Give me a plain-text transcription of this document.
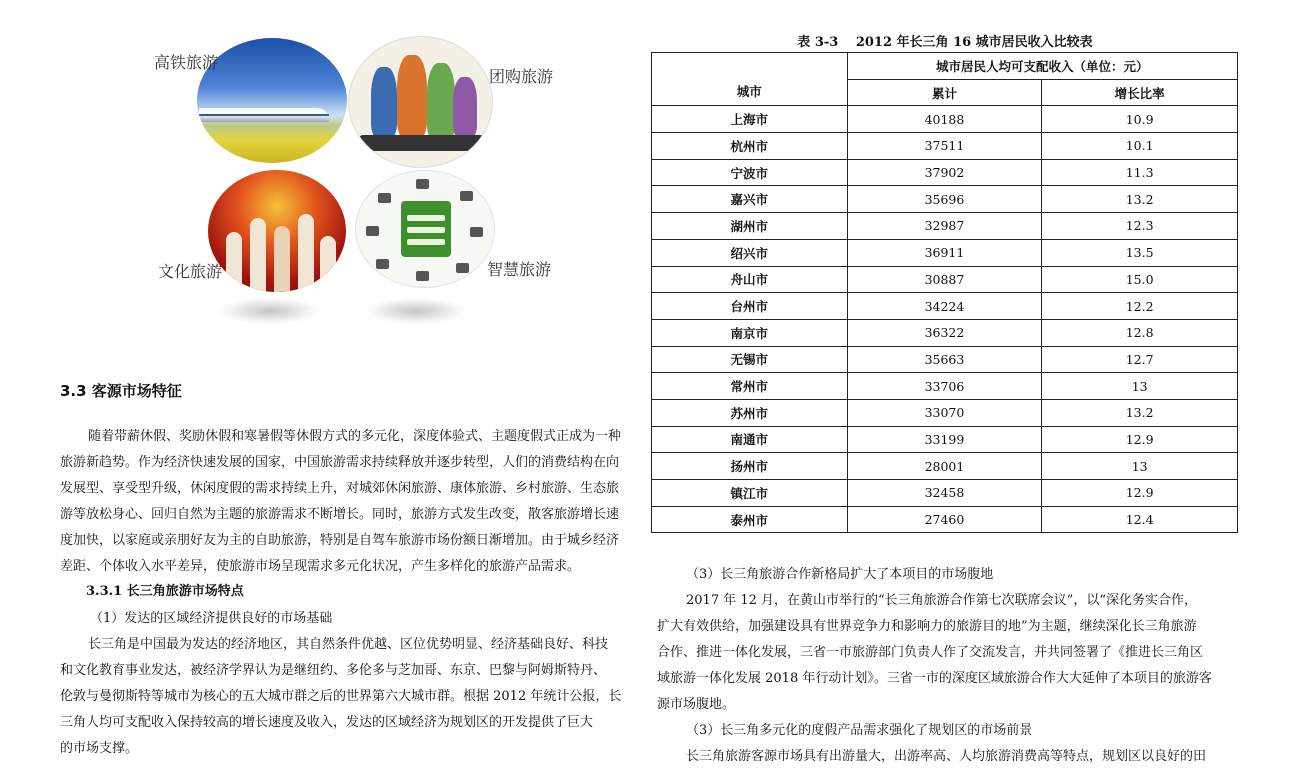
高铁旅游
团购旅游
文化旅游	智慧旅游
3.3 客源市场特征

随着带薪休假、奖励休假和寒暑假等休假方式的多元化，深度体验式、主题度假式正成为一种

旅游新趋势。作为经济快速发展的国家，中国旅游需求持续释放并逐步转型，人们的消费结构在向

发展型、享受型升级，休闲度假的需求持续上升，对城郊休闲旅游、康体旅游、乡村旅游、生态旅

游等放松身心、回归自然为主题的旅游需求不断增长。同时，旅游方式发生改变，散客旅游增长速

度加快，以家庭或亲朋好友为主的自助旅游，特别是自驾车旅游市场份额日渐增加。由于城乡经济

差距、个体收入水平差异，使旅游市场呈现需求多元化状况，产生多样化的旅游产品需求。

3.3.1 长三角旅游市场特点

（1）发达的区域经济提供良好的市场基础

长三角是中国最为发达的经济地区，其自然条件优越、区位优势明显、经济基础良好、科技

和文化教育事业发达，被经济学界认为是继纽约、多伦多与芝加哥、东京、巴黎与阿姆斯特丹、

伦敦与曼彻斯特等城市为核心的五大城市群之后的世界第六大城市群。根据 2012 年统计公报，长

三角人均可支配收入保持较高的增长速度及收入，发达的区域经济为规划区的开发提供了巨大

的市场支撑。

表 3-3　 2012 年长三角 16 城市居民收入比较表
城市	城市居民人均可支配收入（单位：元）	
	累计	增长比率
上海市	40188	10.9
杭州市	37511	10.1
宁波市	37902	11.3
嘉兴市	35696	13.2
湖州市	32987	12.3
绍兴市	36911	13.5
舟山市	30887	15.0
台州市	34224	12.2
南京市	36322	12.8
无锡市	35663	12.7
常州市	33706	13
苏州市	33070	13.2
南通市	33199	12.9
扬州市	28001	13
镇江市	32458	12.9
泰州市	27460	12.4

（3）长三角旅游合作新格局扩大了本项目的市场腹地

2017 年 12 月，在黄山市举行的“长三角旅游合作第七次联席会议”，以“深化务实合作，

扩大有效供给，加强建设具有世界竞争力和影响力的旅游目的地”为主题，继续深化长三角旅游

合作、推进一体化发展，三省一市旅游部门负责人作了交流发言，并共同签署了《推进长三角区

域旅游一体化发展 2018 年行动计划》。三省一市的深度区域旅游合作大大延伸了本项目的旅游客

源市场腹地。

（3）长三角多元化的度假产品需求强化了规划区的市场前景

长三角旅游客源市场具有出游量大，出游率高、人均旅游消费高等特点，规划区以良好的田
